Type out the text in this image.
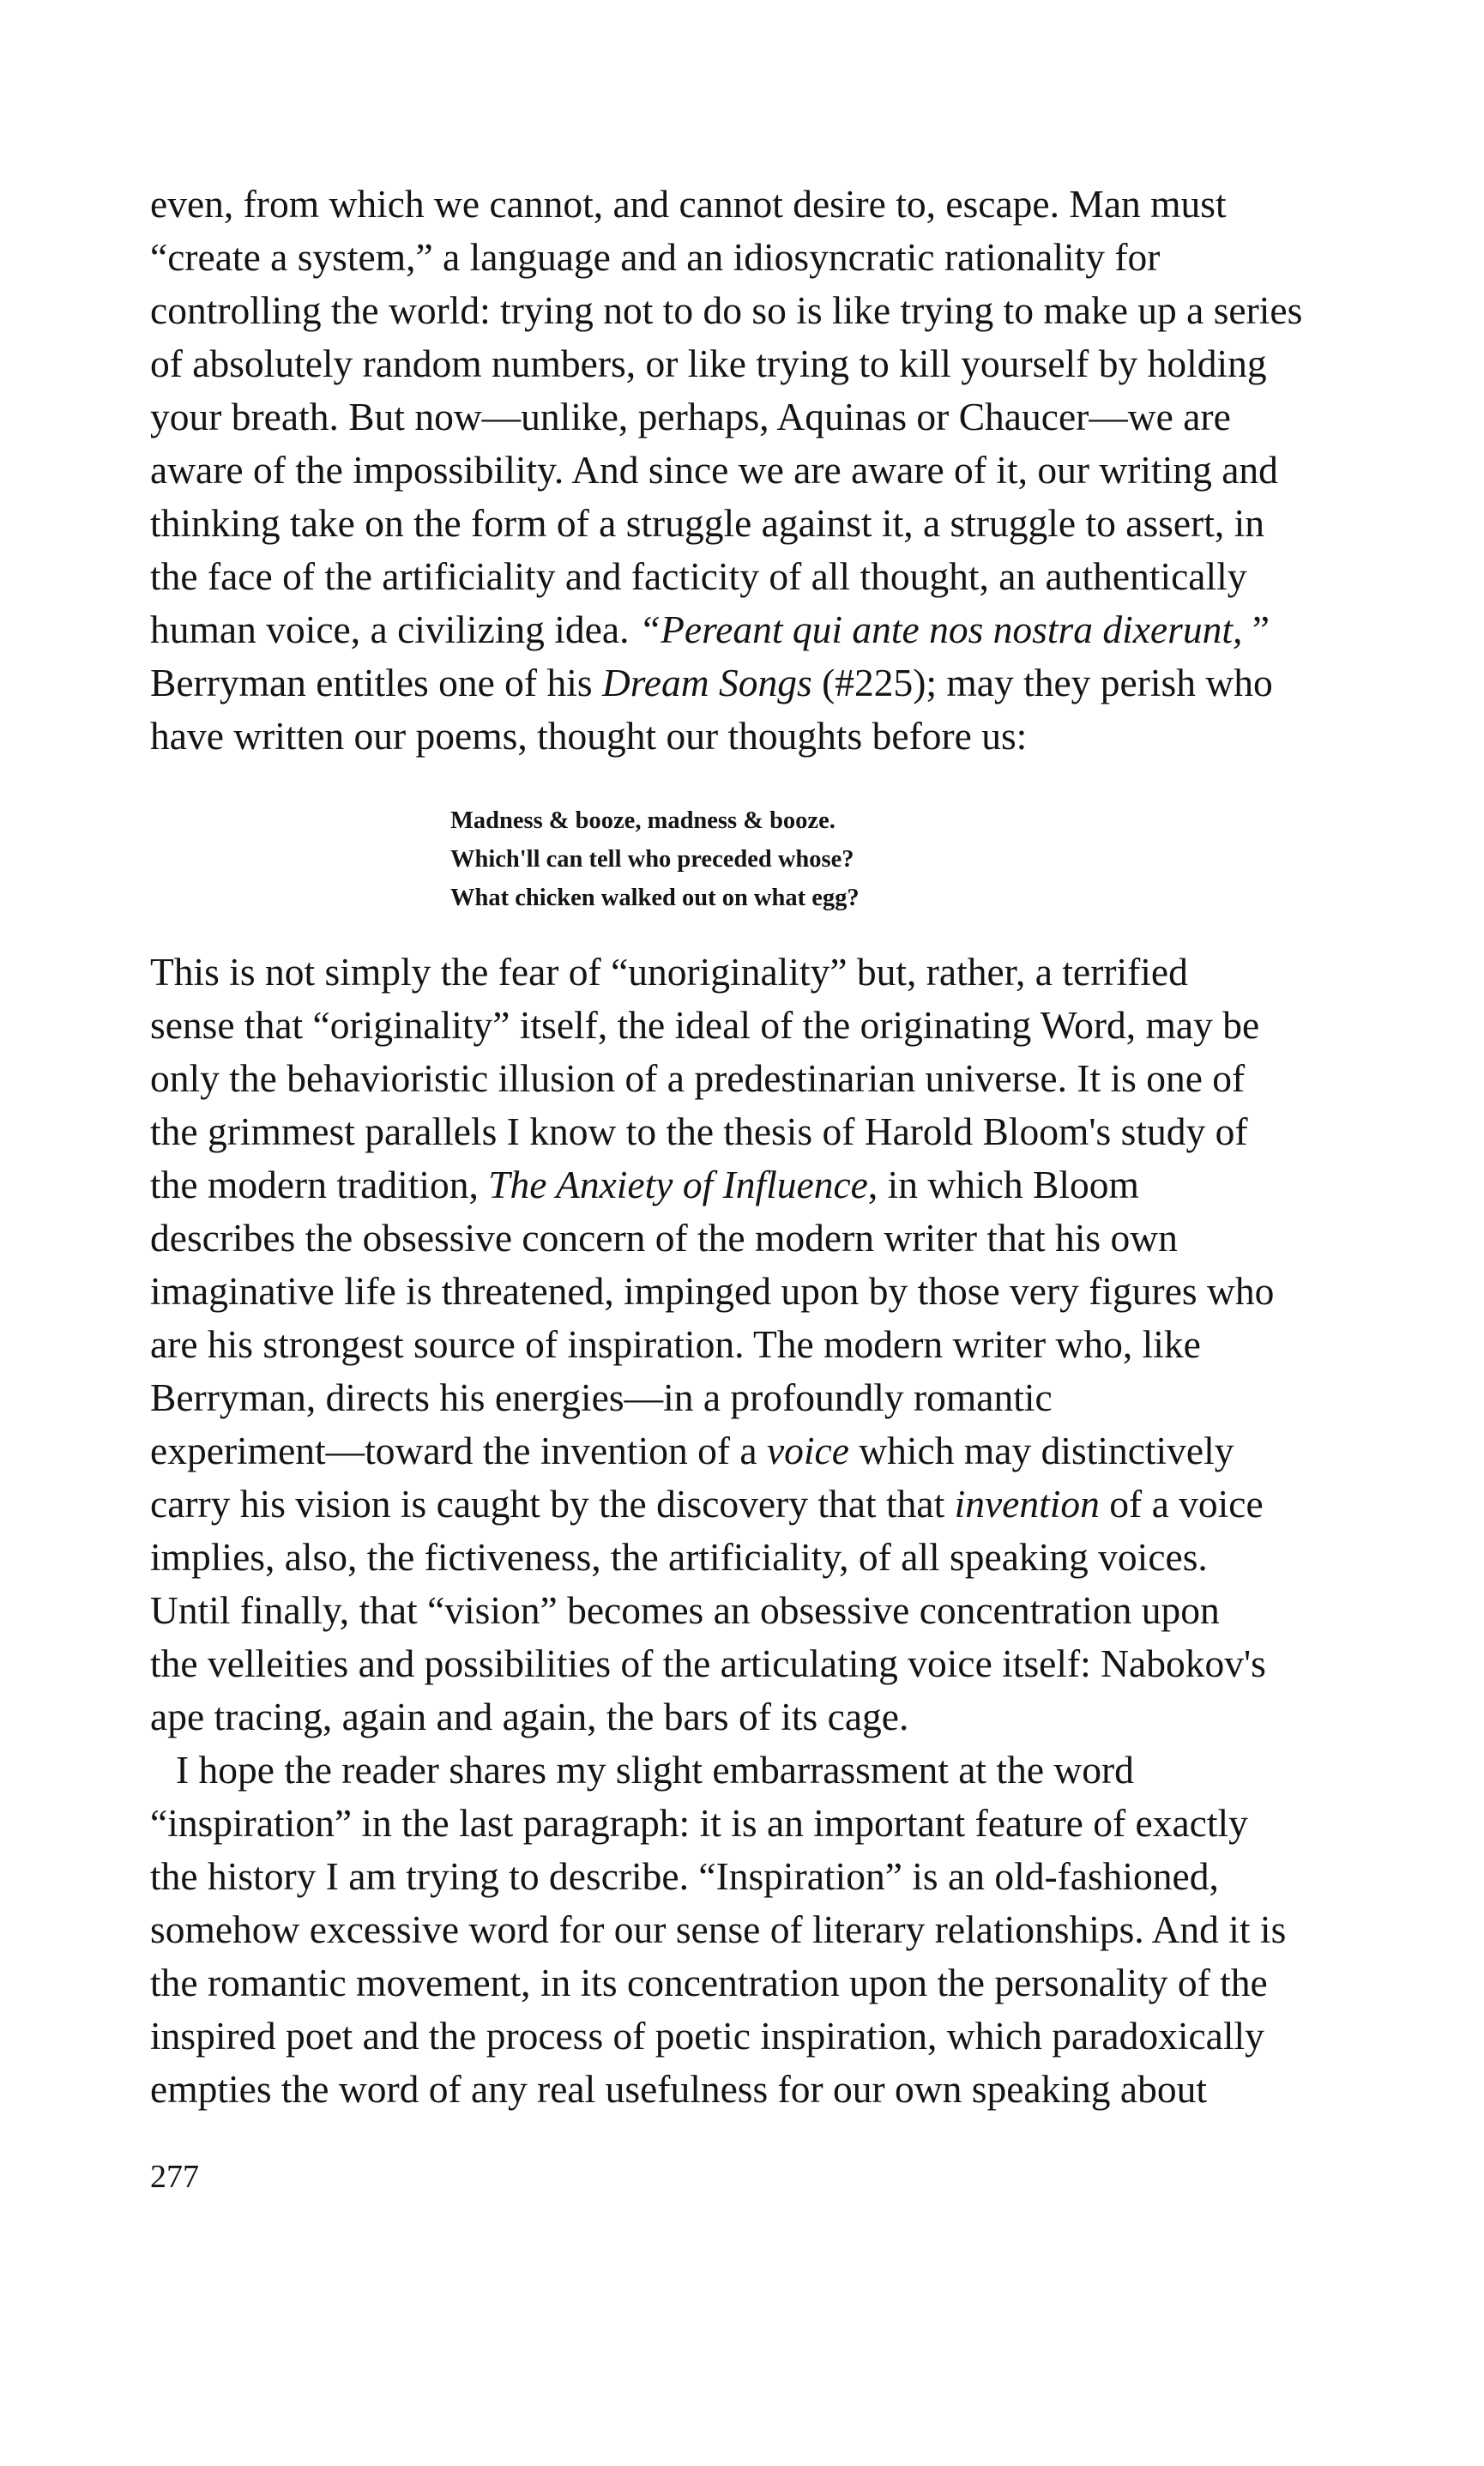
even, from which we cannot, and cannot desire to, escape. Man must
“create a system,” a language and an idiosyncratic rationality for
controlling the world: trying not to do so is like trying to make up a series
of absolutely random numbers, or like trying to kill yourself by holding
your breath. But now—unlike, perhaps, Aquinas or Chaucer—we are
aware of the impossibility. And since we are aware of it, our writing and
thinking take on the form of a struggle against it, a struggle to assert, in
the face of the artificiality and facticity of all thought, an authentically
human voice, a civilizing idea. “Pereant qui ante nos nostra dixerunt, ”
Berryman entitles one of his Dream Songs (#225); may they perish who
have written our poems, thought our thoughts before us:
This is not simply the fear of “unoriginality” but, rather, a terrified
sense that “originality” itself, the ideal of the originating Word, may be
only the behavioristic illusion of a predestinarian universe. It is one of
the grimmest parallels I know to the thesis of Harold Bloom's study of
the modern tradition, The Anxiety of Influence, in which Bloom
describes the obsessive concern of the modern writer that his own
imaginative life is threatened, impinged upon by those very figures who
are his strongest source of inspiration. The modern writer who, like
Berryman, directs his energies—in a profoundly romantic
experiment—toward the invention of a voice which may distinctively
carry his vision is caught by the discovery that that invention of a voice
implies, also, the fictiveness, the artificiality, of all speaking voices.
Until finally, that “vision” becomes an obsessive concentration upon
the velleities and possibilities of the articulating voice itself: Nabokov's
ape tracing, again and again, the bars of its cage.
I hope the reader shares my slight embarrassment at the word
“inspiration” in the last paragraph: it is an important feature of exactly
the history I am trying to describe. “Inspiration” is an old-fashioned,
somehow excessive word for our sense of literary relationships. And it is
the romantic movement, in its concentration upon the personality of the
inspired poet and the process of poetic inspiration, which paradoxically
empties the word of any real usefulness for our own speaking about
Madness & booze, madness & booze.
Which'll can tell who preceded whose?
What chicken walked out on what egg?
277
